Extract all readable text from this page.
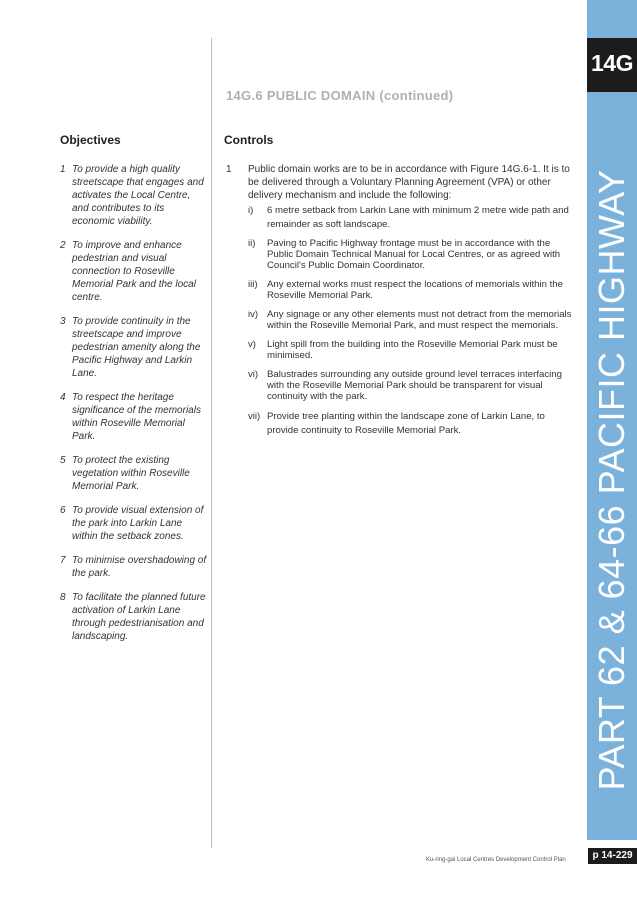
14G.6 PUBLIC DOMAIN (continued)
Objectives	Controls
1 To provide a high quality streetscape that engages and activates the Local Centre, and contributes to its economic viability.
2 To improve and enhance pedestrian and visual connection to Roseville Memorial Park and the local centre.
3 To provide continuity in the streetscape and improve pedestrian amenity along the Pacific Highway and Larkin Lane.
4 To respect the heritage significance of the memorials within Roseville Memorial Park.
5 To protect the existing vegetation within Roseville Memorial Park.
6 To provide visual extension of the park into Larkin Lane within the setback zones.
7 To minimise overshadowing of the park.
8 To facilitate the planned future activation of Larkin Lane through pedestrianisation and landscaping.
1	Public domain works are to be in accordance with Figure 14G.6-1. It is to be delivered through a Voluntary Planning Agreement (VPA) or other delivery mechanism and include the following:
i)	6 metre setback from Larkin Lane with minimum 2 metre wide path and remainder as soft landscape.
ii)	Paving to Pacific Highway frontage must be in accordance with the Public Domain Technical Manual for Local Centres, or as agreed with Council's Public Domain Coordinator.
iii) Any external works must respect the locations of memorials within the Roseville Memorial Park.
iv) Any signage or any other elements must not detract from the memorials within the Roseville Memorial Park, and must respect the memorials.
v)	Light spill from the building into the Roseville Memorial Park must be minimised.
vi) Balustrades surrounding any outside ground level terraces interfacing with the Roseville Memorial Park should be transparent for visual continuity with the park.
vii) Provide tree planting within the landscape zone of Larkin Lane, to provide continuity to Roseville Memorial Park.
14G
PART 62 & 64-66 PACIFIC HIGHWAY
Ku-ring-gai Local Centres Development Control Plan	p 14-229
